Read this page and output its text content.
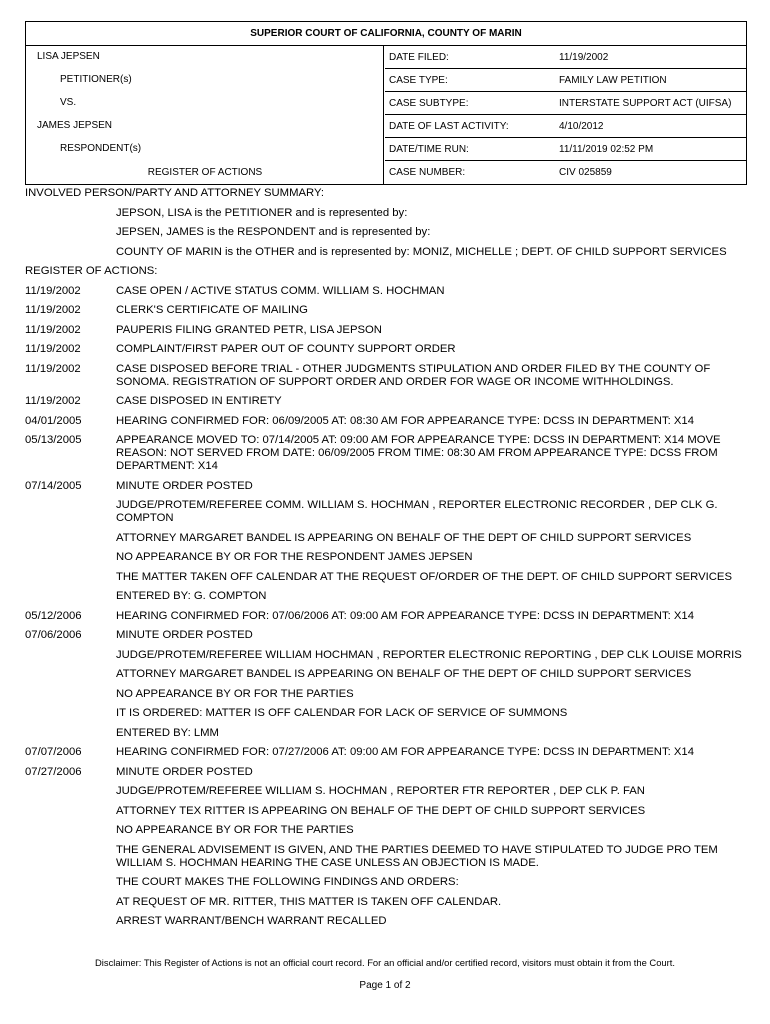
SUPERIOR COURT OF CALIFORNIA, COUNTY OF MARIN
LISA JEPSEN
PETITIONER(s)
VS.
JAMES JEPSEN
RESPONDENT(s)
REGISTER OF ACTIONS
DATE FILED:	11/19/2002
CASE TYPE:	FAMILY LAW PETITION
CASE SUBTYPE:	INTERSTATE SUPPORT ACT (UIFSA)
DATE OF LAST ACTIVITY:	4/10/2012
DATE/TIME RUN:	11/11/2019 02:52 PM
CASE NUMBER:	CIV 025859
INVOLVED PERSON/PARTY AND ATTORNEY SUMMARY:
JEPSON, LISA is the PETITIONER and is represented by:
JEPSEN, JAMES is the RESPONDENT and is represented by:
COUNTY OF MARIN is the OTHER and is represented by: MONIZ, MICHELLE ; DEPT. OF CHILD SUPPORT SERVICES
REGISTER OF ACTIONS:
11/19/2002	CASE OPEN / ACTIVE STATUS COMM. WILLIAM S. HOCHMAN
11/19/2002	CLERK'S CERTIFICATE OF MAILING
11/19/2002	PAUPERIS FILING GRANTED PETR, LISA JEPSON
11/19/2002	COMPLAINT/FIRST PAPER OUT OF COUNTY SUPPORT ORDER
11/19/2002	CASE DISPOSED BEFORE TRIAL - OTHER JUDGMENTS STIPULATION AND ORDER FILED BY THE COUNTY OF SONOMA. REGISTRATION OF SUPPORT ORDER AND ORDER FOR WAGE OR INCOME WITHHOLDINGS.
11/19/2002	CASE DISPOSED IN ENTIRETY
04/01/2005	HEARING CONFIRMED FOR: 06/09/2005 AT: 08:30 AM FOR APPEARANCE TYPE: DCSS IN DEPARTMENT: X14
05/13/2005	APPEARANCE MOVED TO: 07/14/2005 AT: 09:00 AM FOR APPEARANCE TYPE: DCSS IN DEPARTMENT: X14 MOVE REASON: NOT SERVED FROM DATE: 06/09/2005 FROM TIME: 08:30 AM FROM APPEARANCE TYPE: DCSS FROM DEPARTMENT: X14
07/14/2005	MINUTE ORDER POSTED
JUDGE/PROTEM/REFEREE COMM. WILLIAM S. HOCHMAN , REPORTER ELECTRONIC RECORDER , DEP CLK G. COMPTON
ATTORNEY MARGARET BANDEL IS APPEARING ON BEHALF OF THE DEPT OF CHILD SUPPORT SERVICES
NO APPEARANCE BY OR FOR THE RESPONDENT JAMES JEPSEN
THE MATTER TAKEN OFF CALENDAR AT THE REQUEST OF/ORDER OF THE DEPT. OF CHILD SUPPORT SERVICES
ENTERED BY: G. COMPTON
05/12/2006	HEARING CONFIRMED FOR: 07/06/2006 AT: 09:00 AM FOR APPEARANCE TYPE: DCSS IN DEPARTMENT: X14
07/06/2006	MINUTE ORDER POSTED
JUDGE/PROTEM/REFEREE WILLIAM HOCHMAN , REPORTER ELECTRONIC REPORTING , DEP CLK LOUISE MORRIS
ATTORNEY MARGARET BANDEL IS APPEARING ON BEHALF OF THE DEPT OF CHILD SUPPORT SERVICES
NO APPEARANCE BY OR FOR THE PARTIES
IT IS ORDERED: MATTER IS OFF CALENDAR FOR LACK OF SERVICE OF SUMMONS
ENTERED BY: LMM
07/07/2006	HEARING CONFIRMED FOR: 07/27/2006 AT: 09:00 AM FOR APPEARANCE TYPE: DCSS IN DEPARTMENT: X14
07/27/2006	MINUTE ORDER POSTED
JUDGE/PROTEM/REFEREE WILLIAM S. HOCHMAN , REPORTER FTR REPORTER , DEP CLK P. FAN
ATTORNEY TEX RITTER IS APPEARING ON BEHALF OF THE DEPT OF CHILD SUPPORT SERVICES
NO APPEARANCE BY OR FOR THE PARTIES
THE GENERAL ADVISEMENT IS GIVEN, AND THE PARTIES DEEMED TO HAVE STIPULATED TO JUDGE PRO TEM WILLIAM S. HOCHMAN HEARING THE CASE UNLESS AN OBJECTION IS MADE.
THE COURT MAKES THE FOLLOWING FINDINGS AND ORDERS:
AT REQUEST OF MR. RITTER, THIS MATTER IS TAKEN OFF CALENDAR.
ARREST WARRANT/BENCH WARRANT RECALLED
Disclaimer: This Register of Actions is not an official court record. For an official and/or certified record, visitors must obtain it from the Court.
Page 1 of 2
